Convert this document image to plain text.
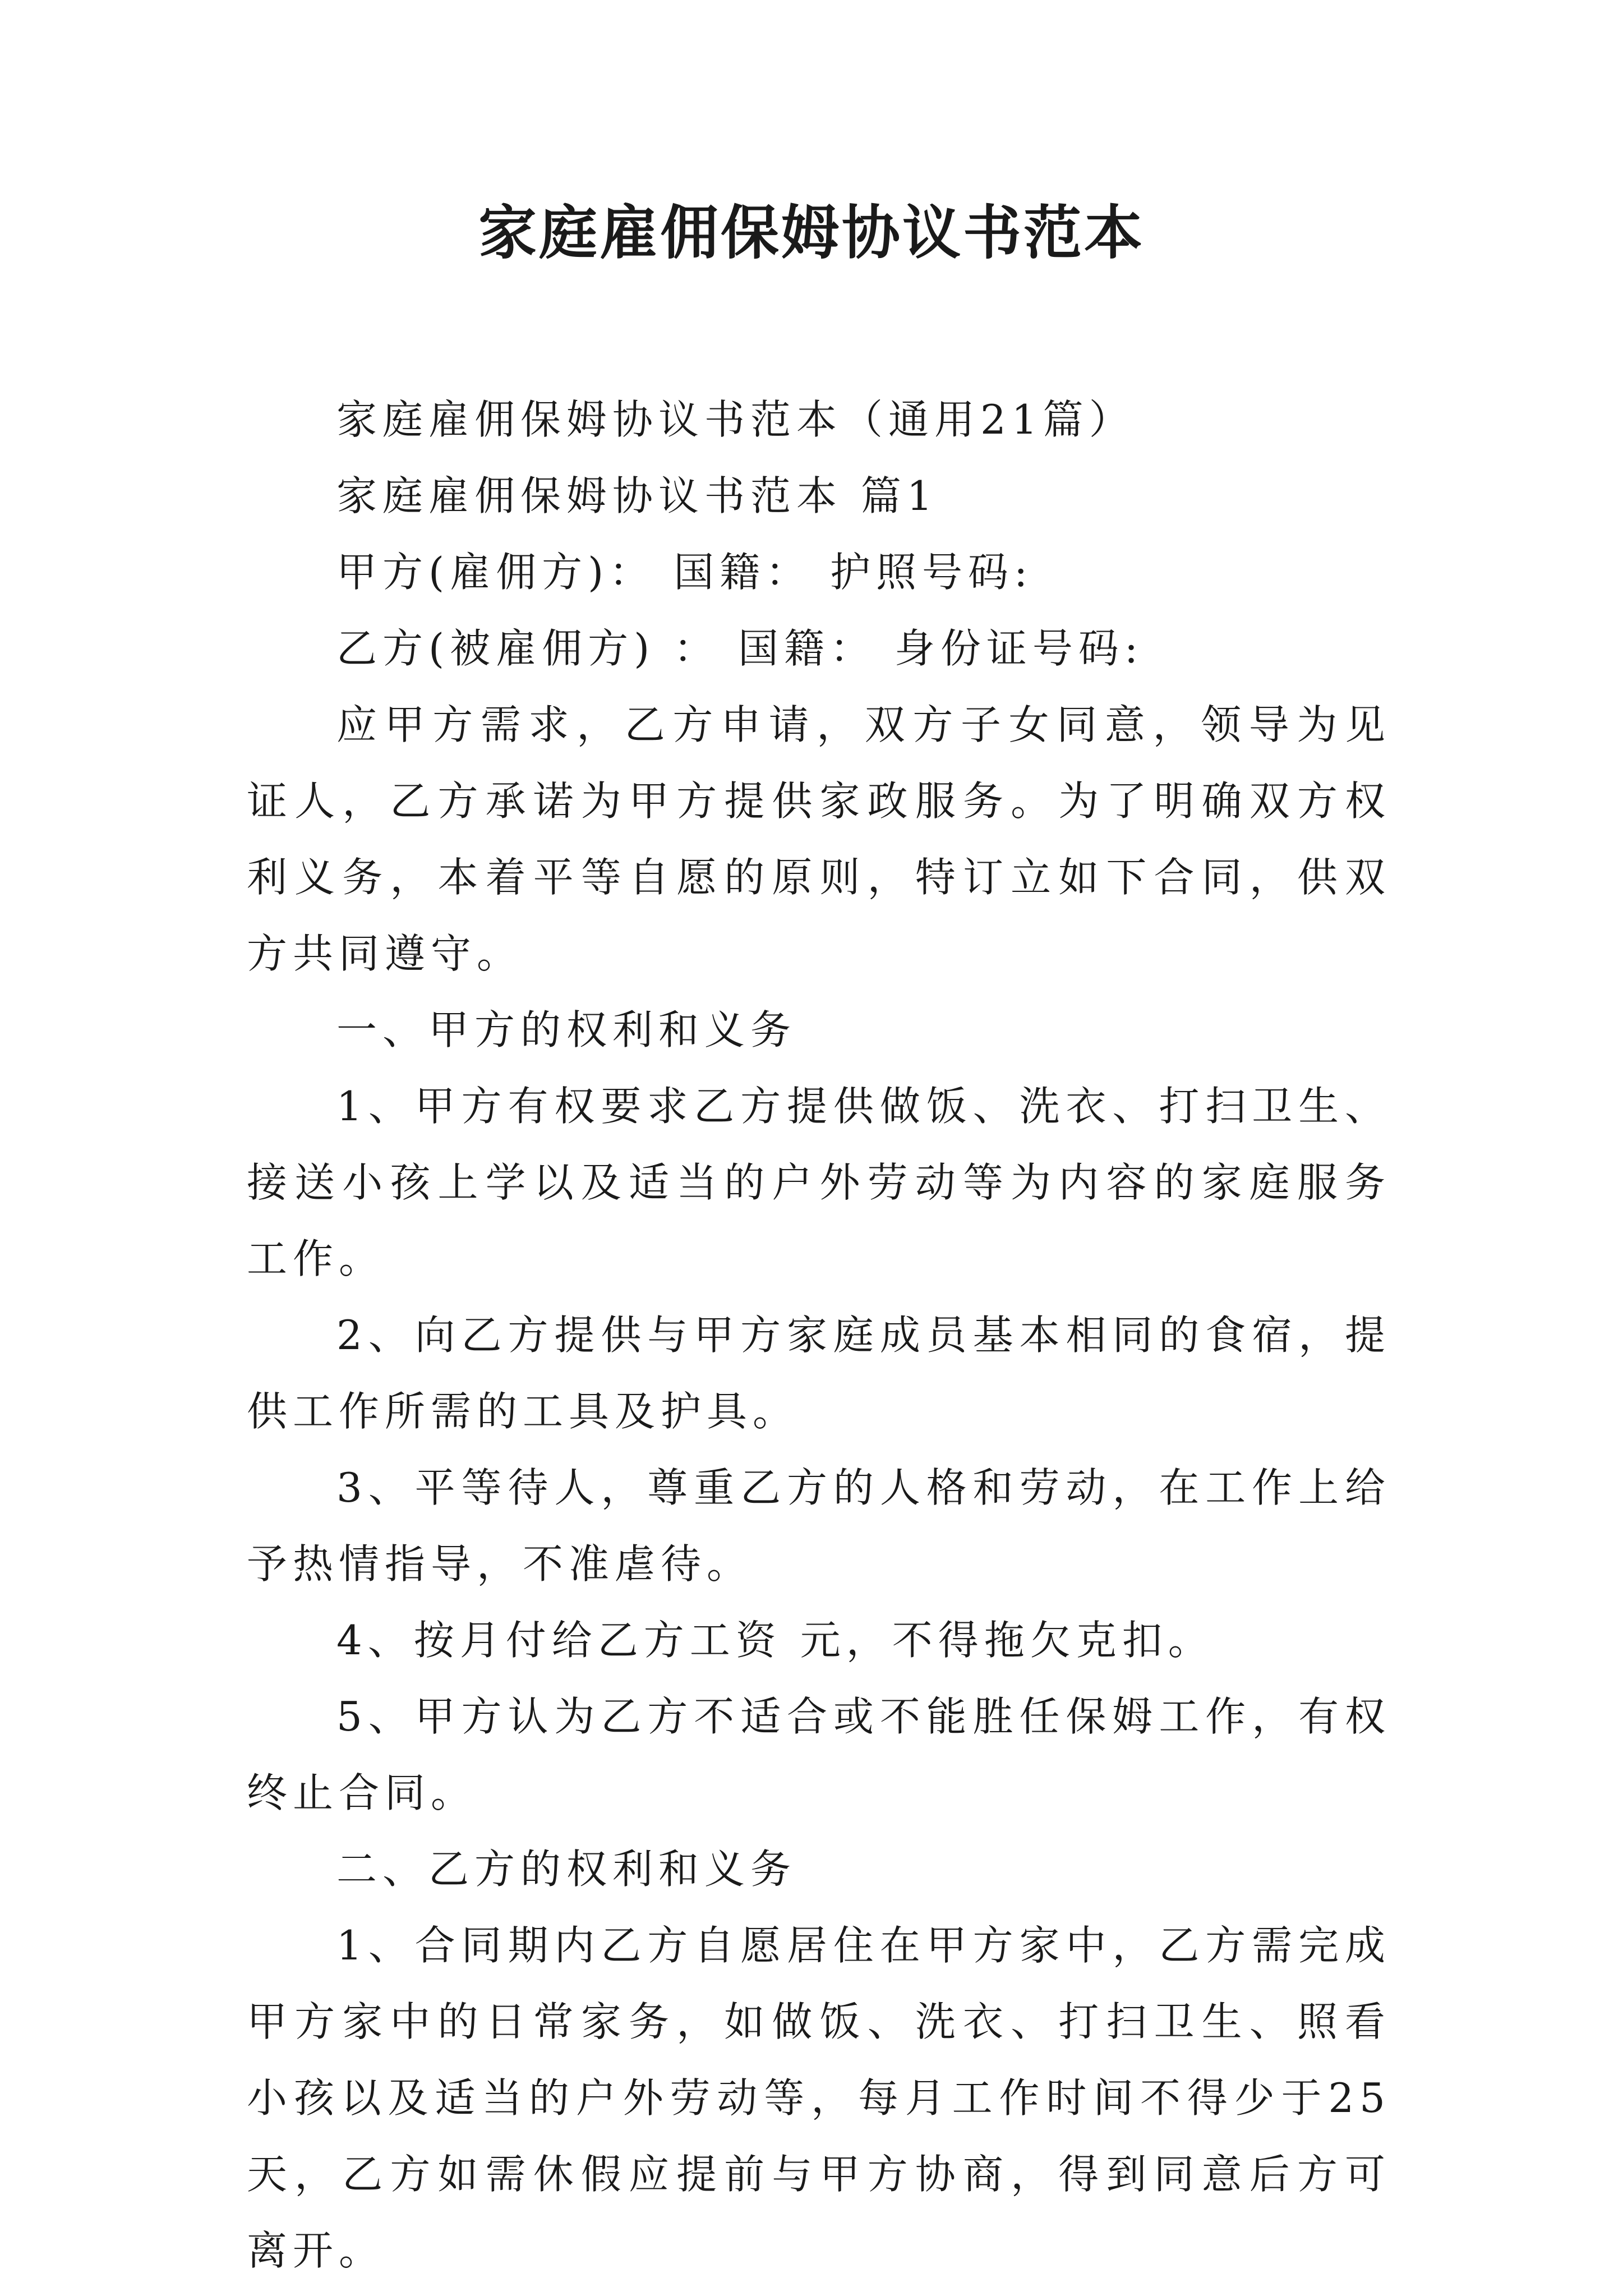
家庭雇佣保姆协议书范本

家庭雇佣保姆协议书范本（通用21篇）

家庭雇佣保姆协议书范本 篇1

甲方(雇佣方)： 国籍： 护照号码:

乙方(被雇佣方) ： 国籍： 身份证号码:

应甲方需求，乙方申请，双方子女同意，领导为见证人，乙方承诺为甲方提供家政服务。为了明确双方权利义务，本着平等自愿的原则，特订立如下合同，供双方共同遵守。

一、甲方的权利和义务

1、甲方有权要求乙方提供做饭、洗衣、打扫卫生、接送小孩上学以及适当的户外劳动等为内容的家庭服务工作。

2、向乙方提供与甲方家庭成员基本相同的食宿，提供工作所需的工具及护具。

3、平等待人，尊重乙方的人格和劳动，在工作上给予热情指导，不准虐待。

4、按月付给乙方工资 元，不得拖欠克扣。

5、甲方认为乙方不适合或不能胜任保姆工作，有权终止合同。

二、乙方的权利和义务

1、合同期内乙方自愿居住在甲方家中，乙方需完成甲方家中的日常家务，如做饭、洗衣、打扫卫生、照看小孩以及适当的户外劳动等，每月工作时间不得少于25天，乙方如需休假应提前与甲方协商，得到同意后方可离开。
